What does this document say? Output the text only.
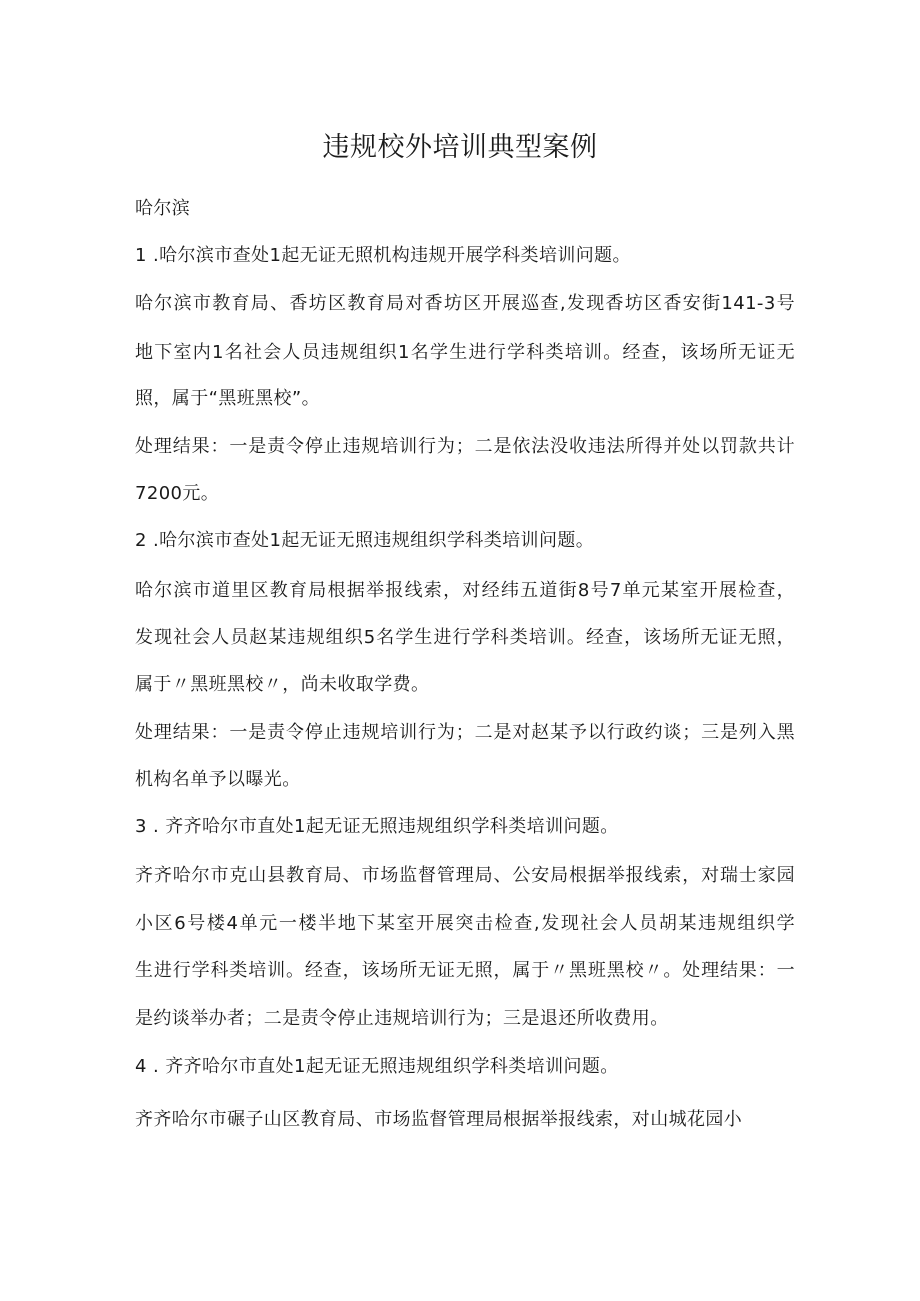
违规校外培训典型案例
哈尔滨
1 .哈尔滨市查处1起无证无照机构违规开展学科类培训问题。
哈尔滨市教育局、香坊区教育局对香坊区开展巡查,发现香坊区香安街141-3号
地下室内1名社会人员违规组织1名学生进行学科类培训。经查，该场所无证无
照，属于“黑班黑校”。
处理结果：一是责令停止违规培训行为；二是依法没收违法所得并处以罚款共计
7200元。
2 .哈尔滨市查处1起无证无照违规组织学科类培训问题。
哈尔滨市道里区教育局根据举报线索，对经纬五道街8号7单元某室开展检查，
发现社会人员赵某违规组织5名学生进行学科类培训。经查，该场所无证无照，
属于〃黑班黑校〃，尚未收取学费。
处理结果：一是责令停止违规培训行为；二是对赵某予以行政约谈；三是列入黑
机构名单予以曝光。
3 . 齐齐哈尔市直处1起无证无照违规组织学科类培训问题。
齐齐哈尔市克山县教育局、市场监督管理局、公安局根据举报线索，对瑞士家园
小区6号楼4单元一楼半地下某室开展突击检查,发现社会人员胡某违规组织学
生进行学科类培训。经查，该场所无证无照，属于〃黑班黑校〃。处理结果：一
是约谈举办者；二是责令停止违规培训行为；三是退还所收费用。
4 . 齐齐哈尔市直处1起无证无照违规组织学科类培训问题。
齐齐哈尔市碾子山区教育局、市场监督管理局根据举报线索，对山城花园小
